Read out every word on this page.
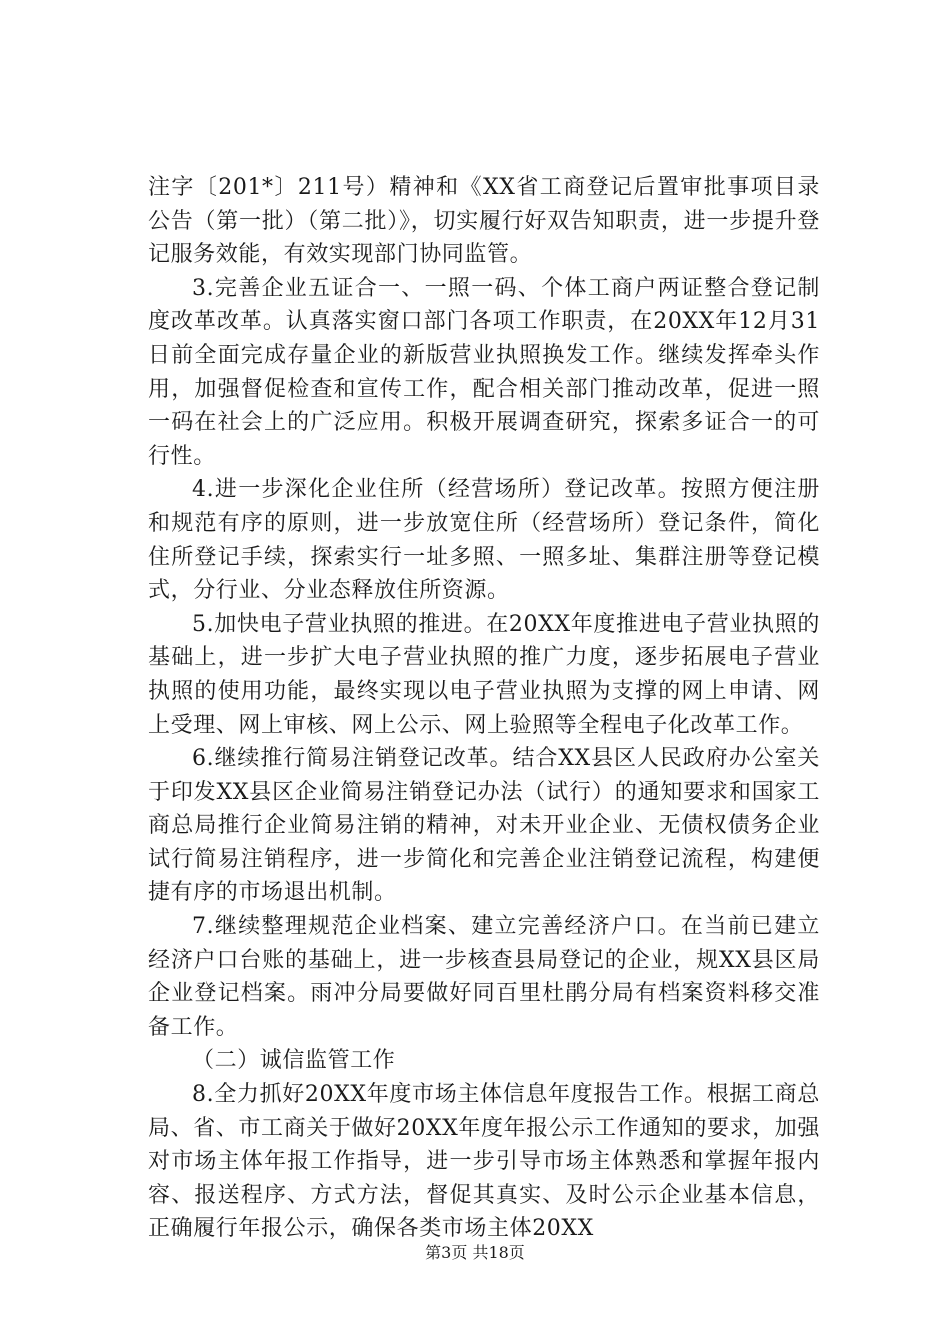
注字〔201*〕211号）精神和《XX省工商登记后置审批事项目录公告（第一批）（第二批）》，切实履行好双告知职责，进一步提升登记服务效能，有效实现部门协同监管。

3.完善企业五证合一、一照一码、个体工商户两证整合登记制度改革改革。认真落实窗口部门各项工作职责，在20XX年12月31日前全面完成存量企业的新版营业执照换发工作。继续发挥牵头作用，加强督促检查和宣传工作，配合相关部门推动改革，促进一照一码在社会上的广泛应用。积极开展调查研究，探索多证合一的可行性。

4.进一步深化企业住所（经营场所）登记改革。按照方便注册和规范有序的原则，进一步放宽住所（经营场所）登记条件，简化住所登记手续，探索实行一址多照、一照多址、集群注册等登记模式，分行业、分业态释放住所资源。

5.加快电子营业执照的推进。在20XX年度推进电子营业执照的基础上，进一步扩大电子营业执照的推广力度，逐步拓展电子营业执照的使用功能，最终实现以电子营业执照为支撑的网上申请、网上受理、网上审核、网上公示、网上验照等全程电子化改革工作。

6.继续推行简易注销登记改革。结合XX县区人民政府办公室关于印发XX县区企业简易注销登记办法（试行）的通知要求和国家工商总局推行企业简易注销的精神，对未开业企业、无债权债务企业试行简易注销程序，进一步简化和完善企业注销登记流程，构建便捷有序的市场退出机制。

7.继续整理规范企业档案、建立完善经济户口。在当前已建立经济户口台账的基础上，进一步核查县局登记的企业，规XX县区局企业登记档案。雨冲分局要做好同百里杜鹃分局有档案资料移交准备工作。

（二）诚信监管工作

8.全力抓好20XX年度市场主体信息年度报告工作。根据工商总局、省、市工商关于做好20XX年度年报公示工作通知的要求，加强对市场主体年报工作指导，进一步引导市场主体熟悉和掌握年报内容、报送程序、方式方法，督促其真实、及时公示企业基本信息，正确履行年报公示，确保各类市场主体20XX

第3页 共18页
